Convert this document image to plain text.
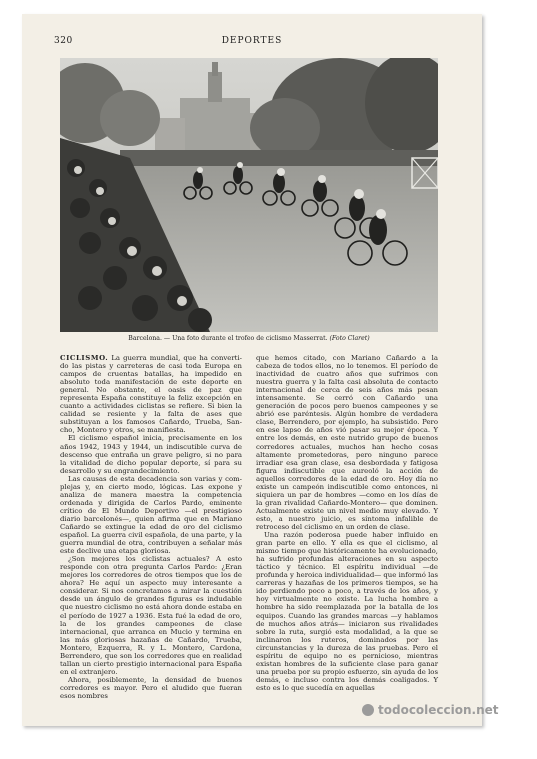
320	DEPORTES
Barcelona. — Una foto durante el trofeo de ciclismo Masserrat. (Foto Claret)

CICLISMO. La guerra mundial, que ha convertido las pistas y carreteras de casi toda Europa en campos de cruentas batallas, ha impedido en absoluto toda manifestación de este deporte en general. No obstante, el oasis de paz que representa España constituye la feliz excepción en cuanto a actividades ciclistas se refiere. Si bien la calidad se resiente y la falta de ases que substituyan a los famosos Cañardo, Trueba, Sancho, Montero y otros, se manifiesta.

El ciclismo español inicia, precisamente en los años 1942, 1943 y 1944, un indiscutible curva de descenso que entraña un grave peligro, si no para la vitalidad de dicho popular deporte, sí para su desarrollo y su engrandecimiento.

Las causas de esta decadencia son varias y complejas y, en cierto modo, lógicas. Las expone y analiza de manera maestra la competencia ordenada y dirigida de Carlos Pardo, eminente crítico de El Mundo Deportivo —el prestigioso diario barcelonés—, quien afirma que en Mariano Cañardo se extingue la edad de oro del ciclismo español. La guerra civil española, de una parte, y la guerra mundial de otra, contribuyen a señalar más este declive una etapa gloriosa.

¿Son mejores los ciclistas actuales? A esto responde con otra pregunta Carlos Pardo: ¿Eran mejores los corredores de otros tiempos que los de ahora? He aquí un aspecto muy interesante a considerar. Si nos concretamos a mirar la cuestión desde un ángulo de grandes figuras es indudable que nuestro ciclismo no está ahora donde estaba en el período de 1927 a 1936. Esta fué la edad de oro, la de los grandes campeones de clase internacional, que arranca en Mucio y termina en las más gloriosas hazañas de Cañardo, Trueba, Montero, Ezquerra, R. y L. Montero, Cardona, Berrendero, que son los corredores que en realidad tallan un cierto prestigio internacional para España en el extranjero.

Ahora, posiblemente, la densidad de buenos corredores es mayor. Pero el aludido que fueran esos nombres

que hemos citado, con Mariano Cañardo a la cabeza de todos ellos, no lo tenemos. El período de inactividad de cuatro años que sufrimos con nuestra guerra y la falta casi absoluta de contacto internacional de cerca de seis años más pesan intensamente. Se cerró con Cañardo una generación de pocos pero buenos campeones y se abrió ese paréntesis. Algún hombre de verdadera clase, Berrendero, por ejemplo, ha subsistido. Pero en ese lapso de años vió pasar su mejor época. Y entre los demás, en este nutrido grupo de buenos corredores actuales, muchos han hecho cosas altamente prometedoras, pero ninguno parece irradiar esa gran clase, esa desbordada y fatigosa figura indiscutible que aureoló la acción de aquellos corredores de la edad de oro. Hoy día no existe un campeón indiscutible como entonces, ni siquiera un par de hombres —como en los días de la gran rivalidad Cañardo-Montero— que dominen. Actualmente existe un nivel medio muy elevado. Y esto, a nuestro juicio, es síntoma infalible de retroceso del ciclismo en un orden de clase.

Una razón poderosa puede haber influido en gran parte en ello. Y ella es que el ciclismo, al mismo tiempo que históricamente ha evolucionado, ha sufrido profundas alteraciones en su aspecto táctico y técnico. El espíritu individual —de profunda y heroica individualidad— que informó las carreras y hazañas de los primeros tiempos, se ha ido perdiendo poco a poco, a través de los años, y hoy virtualmente no existe. La lucha hombre a hombre ha sido reemplazada por la batalla de los equipos. Cuando las grandes marcas —y hablamos de muchos años atrás— iniciaron sus rivalidades sobre la ruta, surgió esta modalidad, a la que se inclinaron los ruteros, dominados por las circunstancias y la dureza de las pruebas. Pero el espíritu de equipo no es pernicioso, mientras existan hombres de la suficiente clase para ganar una prueba por su propio esfuerzo, sin ayuda de los demás, e incluso contra los demás coaligados. Y esto es lo que sucedía en aquellas

todocoleccion.net
